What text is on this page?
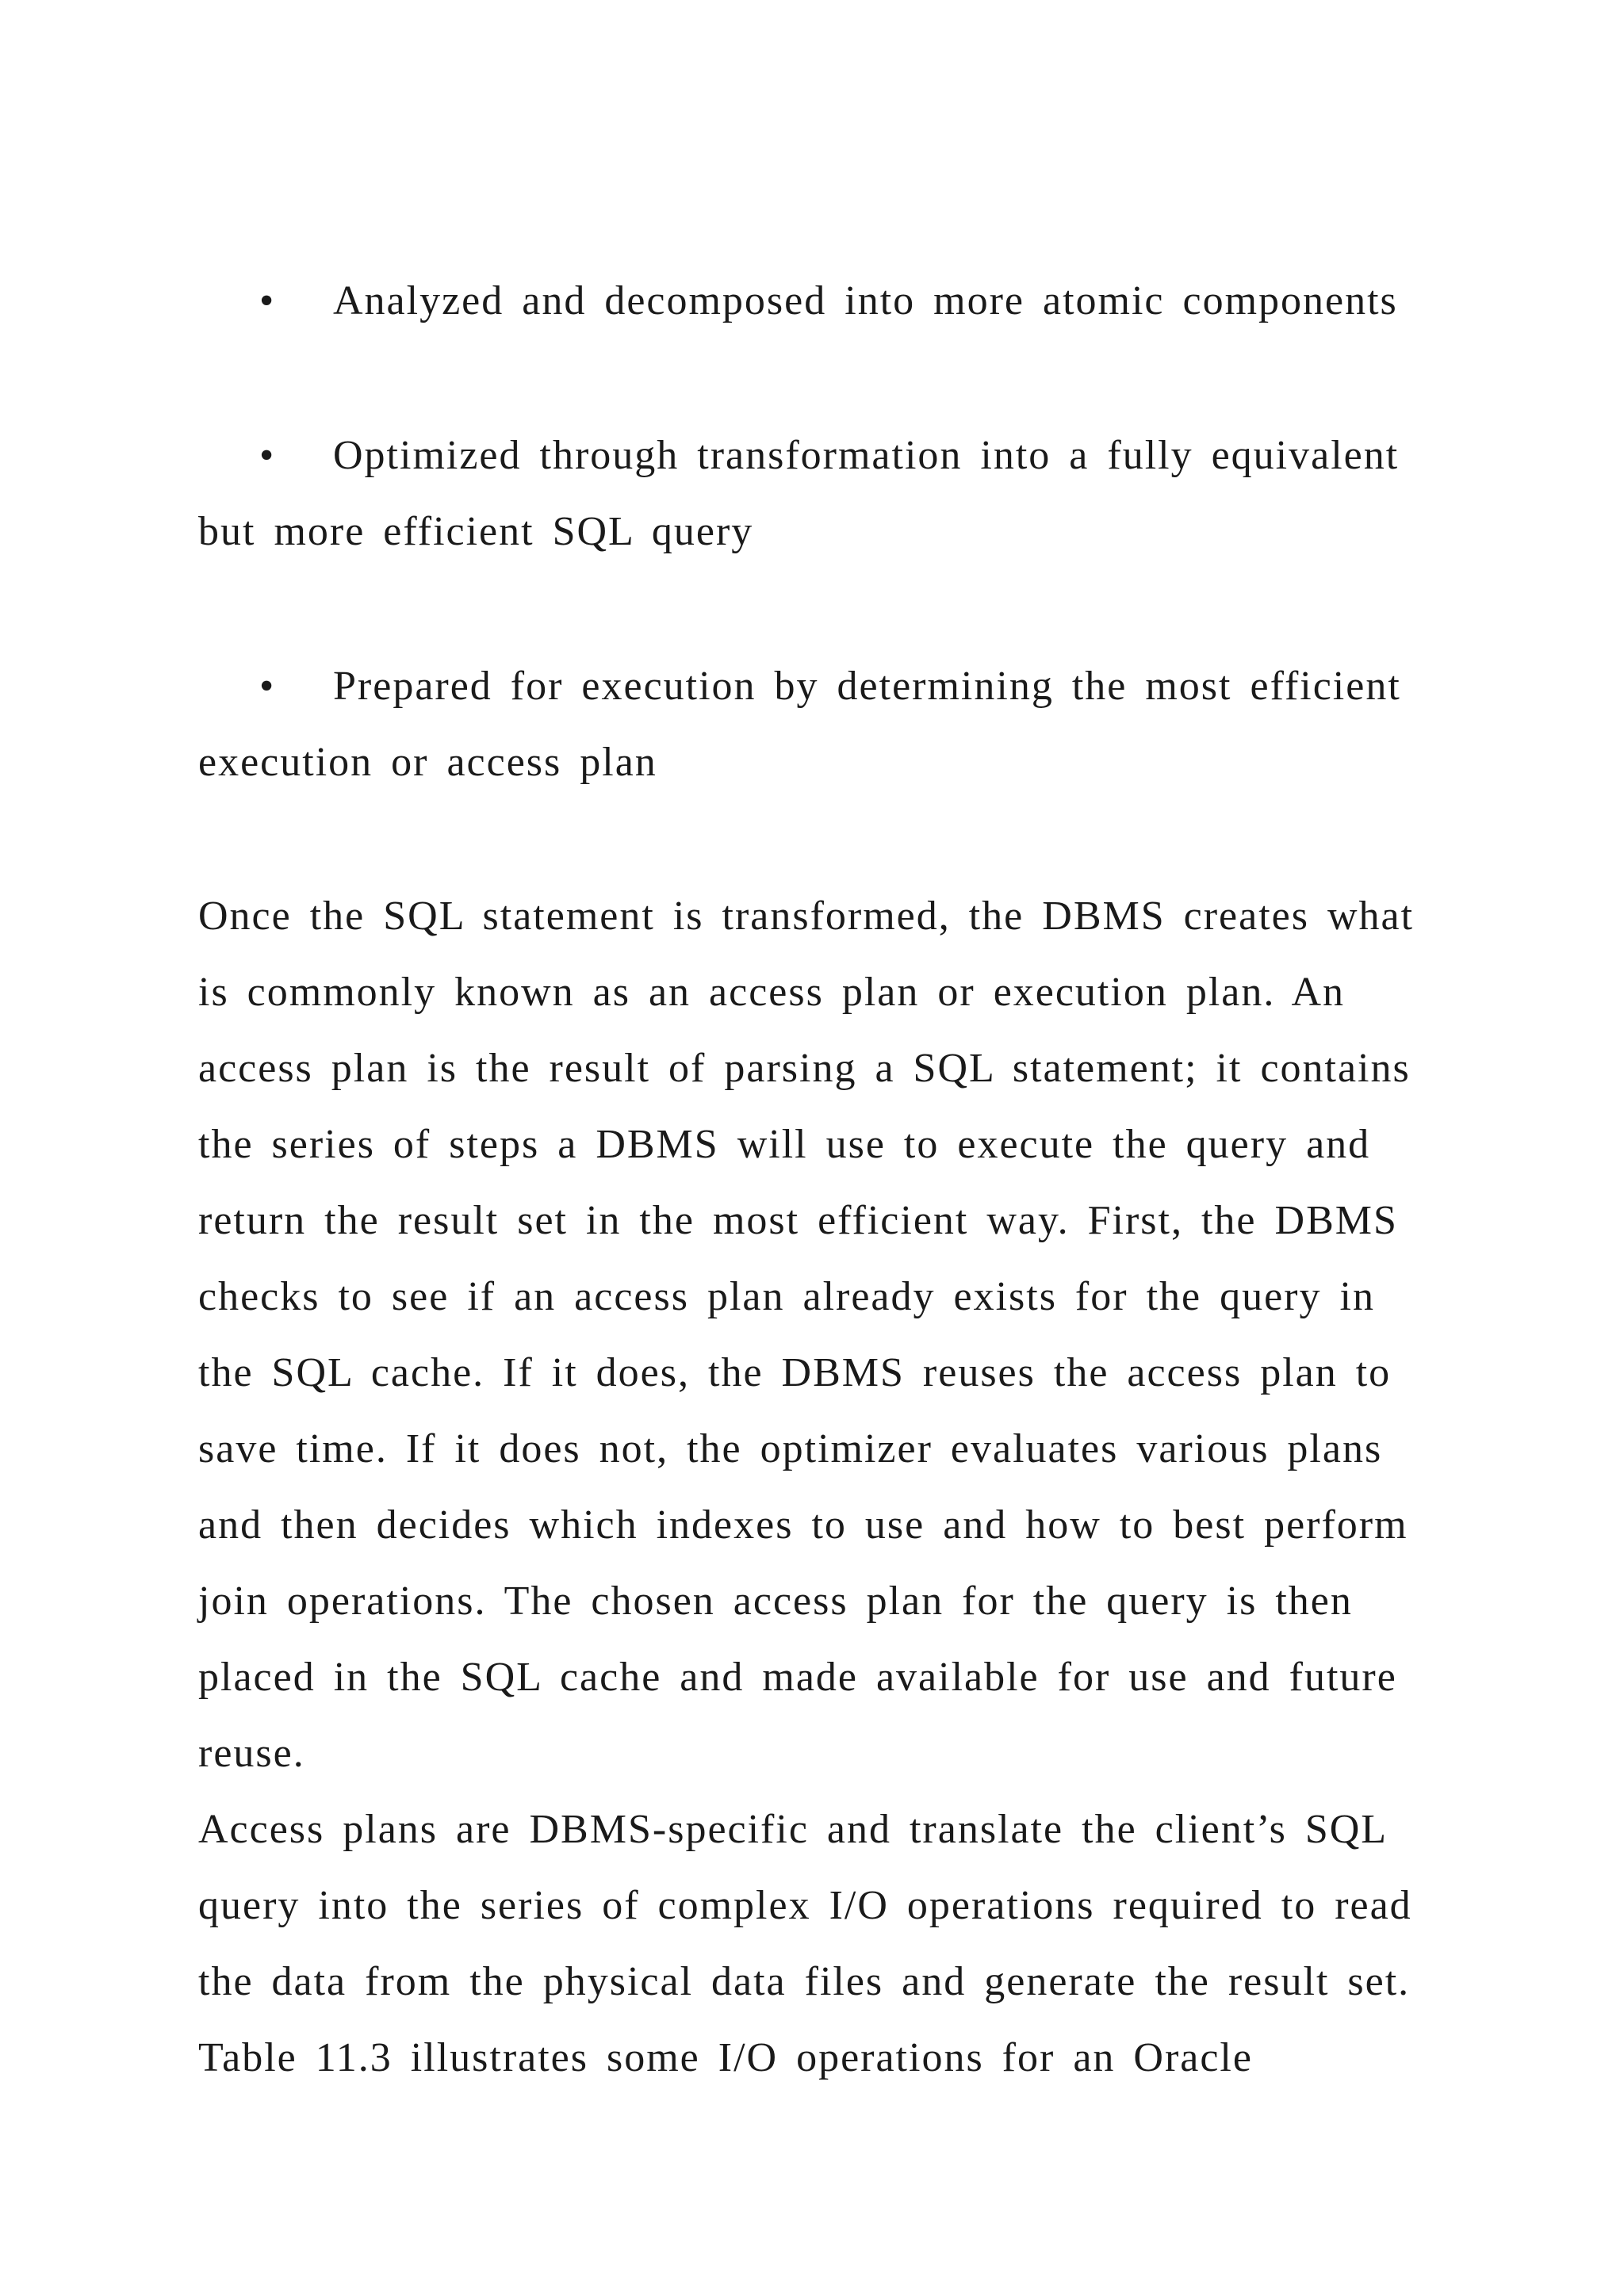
• Analyzed and decomposed into more atomic components
•	Optimized through transformation into a fully equivalent
but more efficient SQL query
•	Prepared for execution by determining the most efficient
execution or access plan
Once the SQL statement is transformed, the DBMS creates what
is commonly known as an access plan or execution plan. An
access plan is the result of parsing a SQL statement; it contains
the series of steps a DBMS will use to execute the query and
return the result set in the most efficient way. First, the DBMS
checks to see if an access plan already exists for the query in
the SQL cache. If it does, the DBMS reuses the access plan to
save time. If it does not, the optimizer evaluates various plans
and then decides which indexes to use and how to best perform
join operations. The chosen access plan for the query is then
placed in the SQL cache and made available for use and future
reuse.
Access plans are DBMS-specific and translate the client’s SQL
query into the series of complex I/O operations required to read
the data from the physical data files and generate the result set.
Table 11.3 illustrates some I/O operations for an Oracle
